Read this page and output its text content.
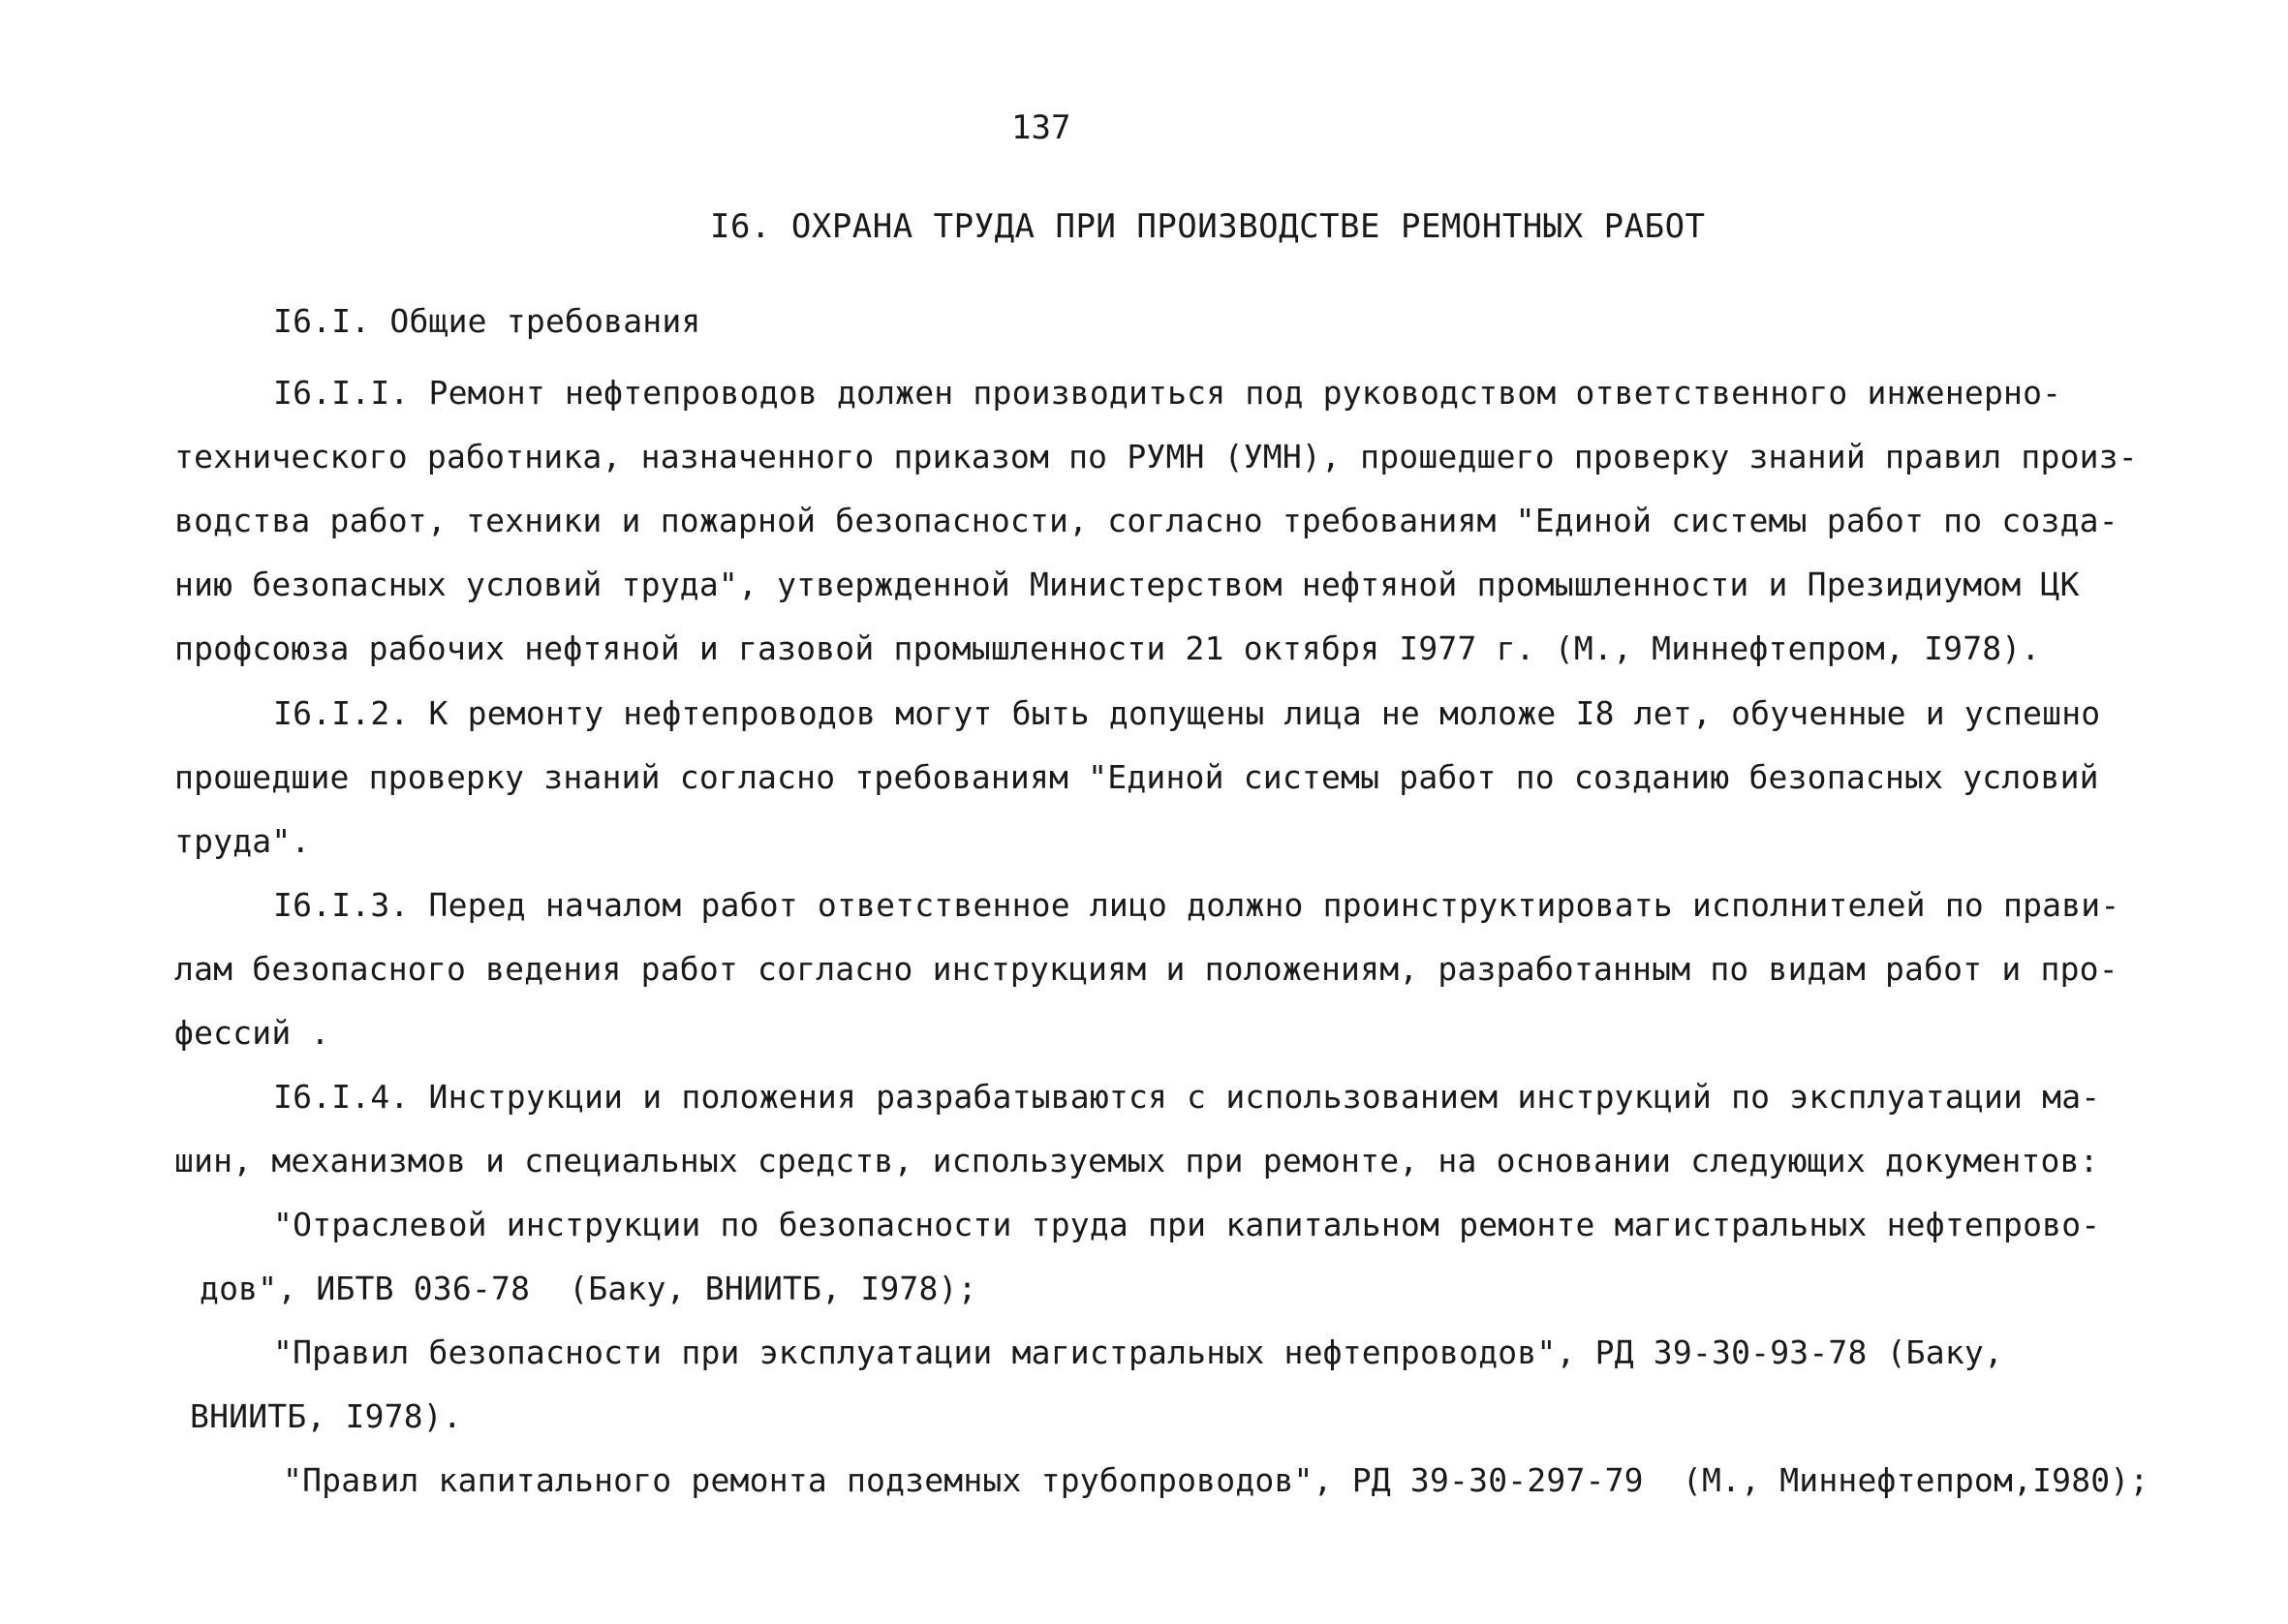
137
I6. ОХРАНА ТРУДА ПРИ ПРОИЗВОДСТВЕ РЕМОНТНЫХ РАБОТ
I6.I. Общие требования
I6.I.I. Ремонт нефтепроводов должен производиться под руководством ответственного инженерно-
технического работника, назначенного приказом по РУМН (УМН), прошедшего проверку знаний правил произ-
водства работ, техники и пожарной безопасности, согласно требованиям "Единой системы работ по созда-
нию безопасных условий труда", утвержденной Министерством нефтяной промышленности и Президиумом ЦК
профсоюза рабочих нефтяной и газовой промышленности 21 октября I977 г. (М., Миннефтепром, I978).
I6.I.2. К ремонту нефтепроводов могут быть допущены лица не моложе I8 лет, обученные и успешно
прошедшие проверку знаний согласно требованиям "Единой системы работ по созданию безопасных условий
труда".
I6.I.3. Перед началом работ ответственное лицо должно проинструктировать исполнителей по прави-
лам безопасного ведения работ согласно инструкциям и положениям, разработанным по видам работ и про-
фессий .
I6.I.4. Инструкции и положения разрабатываются с использованием инструкций по эксплуатации ма-
шин, механизмов и специальных средств, используемых при ремонте, на основании следующих документов:
"Отраслевой инструкции по безопасности труда при капитальном ремонте магистральных нефтепрово-
дов", ИБТВ 036-78  (Баку, ВНИИТБ, I978);
"Правил безопасности при эксплуатации магистральных нефтепроводов", РД 39-30-93-78 (Баку,
ВНИИТБ, I978).
"Правил капитального ремонта подземных трубопроводов", РД 39-30-297-79  (М., Миннефтепром,I980);
